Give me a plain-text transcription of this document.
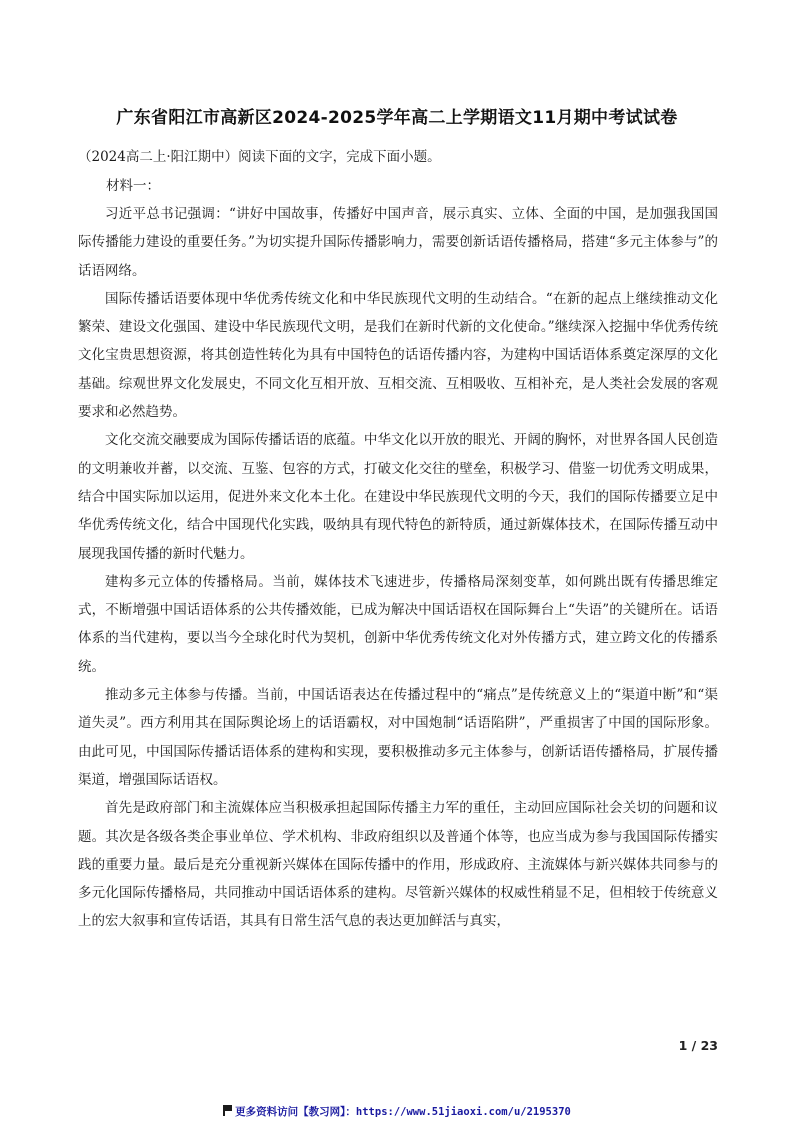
广东省阳江市高新区2024-2025学年高二上学期语文11月期中考试试卷
（2024高二上·阳江期中）阅读下面的文字，完成下面小题。
材料一：

习近平总书记强调：“讲好中国故事，传播好中国声音，展示真实、立体、全面的中国，是加强我国国际传播能力建设的重要任务。”为切实提升国际传播影响力，需要创新话语传播格局，搭建“多元主体参与”的话语网络。

国际传播话语要体现中华优秀传统文化和中华民族现代文明的生动结合。“在新的起点上继续推动文化繁荣、建设文化强国、建设中华民族现代文明，是我们在新时代新的文化使命。”继续深入挖掘中华优秀传统文化宝贵思想资源，将其创造性转化为具有中国特色的话语传播内容，为建构中国话语体系奠定深厚的文化基础。综观世界文化发展史，不同文化互相开放、互相交流、互相吸收、互相补充，是人类社会发展的客观要求和必然趋势。

文化交流交融要成为国际传播话语的底蕴。中华文化以开放的眼光、开阔的胸怀，对世界各国人民创造的文明兼收并蓄，以交流、互鉴、包容的方式，打破文化交往的壁垒，积极学习、借鉴一切优秀文明成果，结合中国实际加以运用，促进外来文化本土化。在建设中华民族现代文明的今天，我们的国际传播要立足中华优秀传统文化，结合中国现代化实践，吸纳具有现代特色的新特质，通过新媒体技术，在国际传播互动中展现我国传播的新时代魅力。

建构多元立体的传播格局。当前，媒体技术飞速进步，传播格局深刻变革，如何跳出既有传播思维定式，不断增强中国话语体系的公共传播效能，已成为解决中国话语权在国际舞台上“失语”的关键所在。话语体系的当代建构，要以当今全球化时代为契机，创新中华优秀传统文化对外传播方式，建立跨文化的传播系统。

推动多元主体参与传播。当前，中国话语表达在传播过程中的“痛点”是传统意义上的“渠道中断”和“渠道失灵”。西方利用其在国际舆论场上的话语霸权，对中国炮制“话语陷阱”，严重损害了中国的国际形象。由此可见，中国国际传播话语体系的建构和实现，要积极推动多元主体参与，创新话语传播格局，扩展传播渠道，增强国际话语权。

首先是政府部门和主流媒体应当积极承担起国际传播主力军的重任，主动回应国际社会关切的问题和议题。其次是各级各类企事业单位、学术机构、非政府组织以及普通个体等，也应当成为参与我国国际传播实践的重要力量。最后是充分重视新兴媒体在国际传播中的作用，形成政府、主流媒体与新兴媒体共同参与的多元化国际传播格局，共同推动中国话语体系的建构。尽管新兴媒体的权威性稍显不足，但相较于传统意义上的宏大叙事和宣传话语，其具有日常生活气息的表达更加鲜活与真实，

1 / 23
更多资料访问【教习网】：https://www.51jiaoxi.com/u/2195370
